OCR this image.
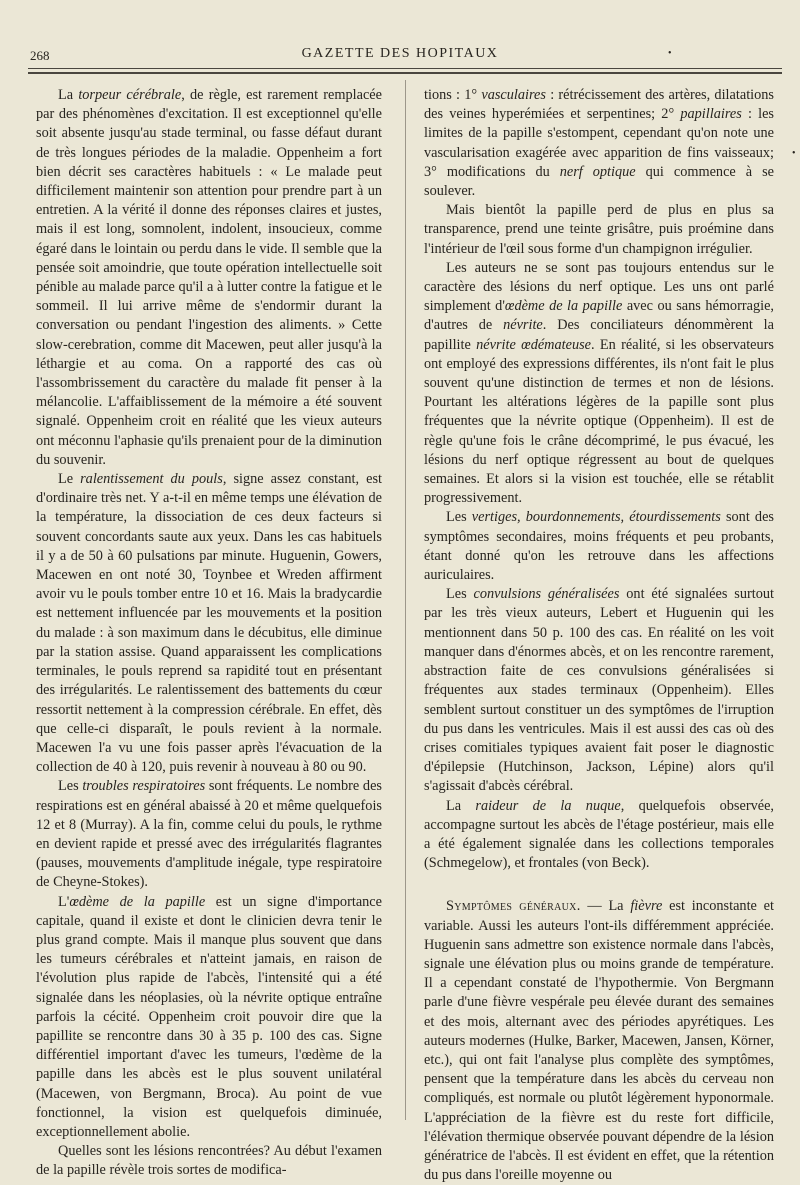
268	GAZETTE DES HOPITAUX	•
•

La torpeur cérébrale, de règle, est rarement remplacée par des phénomènes d'excitation. Il est exceptionnel qu'elle soit absente jusqu'au stade terminal, ou fasse défaut durant de très longues périodes de la maladie. Oppenheim a fort bien décrit ses caractères habituels : « Le malade peut difficilement maintenir son attention pour prendre part à un entretien. A la vérité il donne des réponses claires et justes, mais il est long, somnolent, indolent, insoucieux, comme égaré dans le lointain ou perdu dans le vide. Il semble que la pensée soit amoindrie, que toute opération intellectuelle soit pénible au malade parce qu'il a à lutter contre la fatigue et le sommeil. Il lui arrive même de s'endormir durant la conversation ou pendant l'ingestion des aliments. » Cette slow-cerebration, comme dit Macewen, peut aller jusqu'à la léthargie et au coma. On a rapporté des cas où l'assombrissement du caractère du malade fit penser à la mélancolie. L'affaiblissement de la mémoire a été souvent signalé. Oppenheim croit en réalité que les vieux auteurs ont méconnu l'aphasie qu'ils prenaient pour de la diminution du souvenir.

Le ralentissement du pouls, signe assez constant, est d'ordinaire très net. Y a-t-il en même temps une élévation de la température, la dissociation de ces deux facteurs si souvent concordants saute aux yeux. Dans les cas habituels il y a de 50 à 60 pulsations par minute. Huguenin, Gowers, Macewen en ont noté 30, Toynbee et Wreden affirment avoir vu le pouls tomber entre 10 et 16. Mais la bradycardie est nettement influencée par les mouvements et la position du malade : à son maximum dans le décubitus, elle diminue par la station assise. Quand apparaissent les complications terminales, le pouls reprend sa rapidité tout en présentant des irrégularités. Le ralentissement des battements du cœur ressortit nettement à la compression cérébrale. En effet, dès que celle-ci disparaît, le pouls revient à la normale. Macewen l'a vu une fois passer après l'évacuation de la collection de 40 à 120, puis revenir à nouveau à 80 ou 90.

Les troubles respiratoires sont fréquents. Le nombre des respirations est en général abaissé à 20 et même quelquefois 12 et 8 (Murray). A la fin, comme celui du pouls, le rythme en devient rapide et pressé avec des irrégularités flagrantes (pauses, mouvements d'amplitude inégale, type respiratoire de Cheyne-Stokes).

L'œdème de la papille est un signe d'importance capitale, quand il existe et dont le clinicien devra tenir le plus grand compte. Mais il manque plus souvent que dans les tumeurs cérébrales et n'atteint jamais, en raison de l'évolution plus rapide de l'abcès, l'intensité qui a été signalée dans les néoplasies, où la névrite optique entraîne parfois la cécité. Oppenheim croit pouvoir dire que la papillite se rencontre dans 30 à 35 p. 100 des cas. Signe différentiel important d'avec les tumeurs, l'œdème de la papille dans les abcès est le plus souvent unilatéral (Macewen, von Bergmann, Broca). Au point de vue fonctionnel, la vision est quelquefois diminuée, exceptionnellement abolie.

Quelles sont les lésions rencontrées? Au début l'examen de la papille révèle trois sortes de modifica-

tions : 1° vasculaires : rétrécissement des artères, dilatations des veines hyperémiées et serpentines; 2° papillaires : les limites de la papille s'estompent, cependant qu'on note une vascularisation exagérée avec apparition de fins vaisseaux; 3° modifications du nerf optique qui commence à se soulever.

Mais bientôt la papille perd de plus en plus sa transparence, prend une teinte grisâtre, puis proémine dans l'intérieur de l'œil sous forme d'un champignon irrégulier.

Les auteurs ne se sont pas toujours entendus sur le caractère des lésions du nerf optique. Les uns ont parlé simplement d'œdème de la papille avec ou sans hémorragie, d'autres de névrite. Des conciliateurs dénommèrent la papillite névrite œdémateuse. En réalité, si les observateurs ont employé des expressions différentes, ils n'ont fait le plus souvent qu'une distinction de termes et non de lésions. Pourtant les altérations légères de la papille sont plus fréquentes que la névrite optique (Oppenheim). Il est de règle qu'une fois le crâne décomprimé, le pus évacué, les lésions du nerf optique régressent au bout de quelques semaines. Et alors si la vision est touchée, elle se rétablit progressivement.

Les vertiges, bourdonnements, étourdissements sont des symptômes secondaires, moins fréquents et peu probants, étant donné qu'on les retrouve dans les affections auriculaires.

Les convulsions généralisées ont été signalées surtout par les très vieux auteurs, Lebert et Huguenin qui les mentionnent dans 50 p. 100 des cas. En réalité on les voit manquer dans d'énormes abcès, et on les rencontre rarement, abstraction faite de ces convulsions généralisées si fréquentes aux stades terminaux (Oppenheim). Elles semblent surtout constituer un des symptômes de l'irruption du pus dans les ventricules. Mais il est aussi des cas où des crises comitiales typiques avaient fait poser le diagnostic d'épilepsie (Hutchinson, Jackson, Lépine) alors qu'il s'agissait d'abcès cérébral.

La raideur de la nuque, quelquefois observée, accompagne surtout les abcès de l'étage postérieur, mais elle a été également signalée dans les collections temporales (Schmegelow), et frontales (von Beck).

Symptômes généraux. — La fièvre est inconstante et variable. Aussi les auteurs l'ont-ils différemment appréciée. Huguenin sans admettre son existence normale dans l'abcès, signale une élévation plus ou moins grande de température. Il a cependant constaté de l'hypothermie. Von Bergmann parle d'une fièvre vespérale peu élevée durant des semaines et des mois, alternant avec des périodes apyrétiques. Les auteurs modernes (Hulke, Barker, Macewen, Jansen, Körner, etc.), qui ont fait l'analyse plus complète des symptômes, pensent que la température dans les abcès du cerveau non compliqués, est normale ou plutôt légèrement hyponormale. L'appréciation de la fièvre est du reste fort difficile, l'élévation thermique observée pouvant dépendre de la lésion génératrice de l'abcès. Il est évident en effet, que la rétention du pus dans l'oreille moyenne ou
